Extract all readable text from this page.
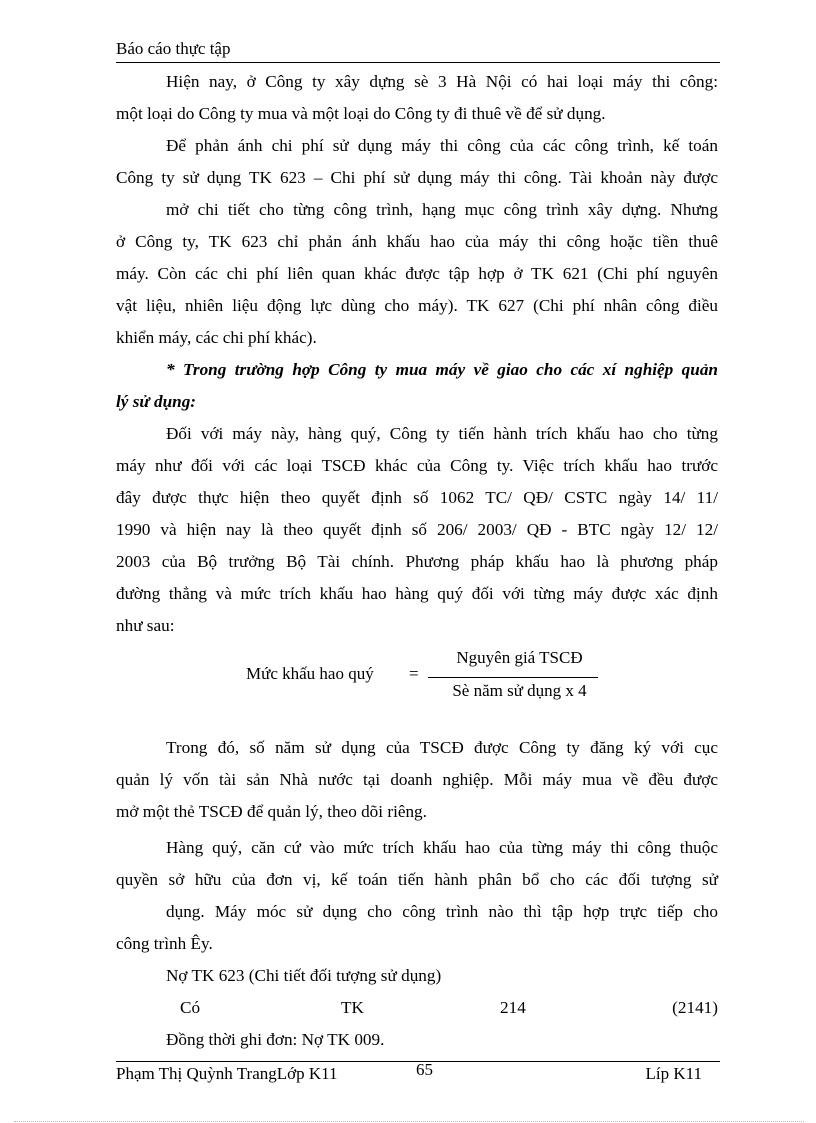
Báo cáo thực tập
Hiện nay, ở Công ty xây dựng sè 3 Hà Nội có hai loại máy thi công:
một loại do Công ty mua và một loại do Công ty đi thuê về để sử dụng.
Để phản ánh chi phí sử dụng máy thi công của các công trình, kế toán
Công ty sử dụng TK 623 – Chi phí sử dụng máy thi công. Tài khoản này được
mở chi tiết cho từng công trình, hạng mục công trình xây dựng. Nhưng
ở Công ty, TK 623 chỉ phản ánh khấu hao của máy thi công hoặc tiền thuê
máy. Còn các chi phí liên quan khác được tập hợp ở TK 621 (Chi phí nguyên
vật liệu, nhiên liệu động lực dùng cho máy). TK 627 (Chi phí nhân công điều
khiển máy, các chi phí khác).
* Trong trường hợp Công ty mua máy về giao cho các xí nghiệp quản
lý sử dụng:
Đối với máy này, hàng quý, Công ty tiến hành trích khấu hao cho từng
máy như đối với các loại TSCĐ khác của Công ty. Việc trích khấu hao trước
đây được thực hiện theo quyết định số 1062 TC/ QĐ/ CSTC ngày 14/ 11/
1990 và hiện nay là theo quyết định số 206/ 2003/ QĐ - BTC ngày 12/ 12/
2003 của Bộ trưởng Bộ Tài chính. Phương pháp khấu hao là phương pháp
đường thẳng và mức trích khấu hao hàng quý đối với từng máy được xác định
như sau:
Trong đó, số năm sử dụng của TSCĐ được Công ty đăng ký với cục
quản lý vốn tài sản Nhà nước tại doanh nghiệp. Mỗi máy mua về đều được
mở một thẻ TSCĐ để quản lý, theo dõi riêng.
Hàng quý, căn cứ vào mức trích khấu hao của từng máy thi công thuộc
quyền sở hữu của đơn vị, kế toán tiến hành phân bổ cho các đối tượng sử
dụng. Máy móc sử dụng cho công trình nào thì tập hợp trực tiếp cho
công trình Êy.
Nợ TK 623 (Chi tiết đối tượng sử dụng)
Có	TK	214	(2141)
Đồng thời ghi đơn: Nợ TK 009.
Mức khấu hao quý =
Nguyên giá TSCĐ
Sè năm sử dụng x 4
Phạm Thị Quỳnh TrangLớp K11	65	Líp K11
